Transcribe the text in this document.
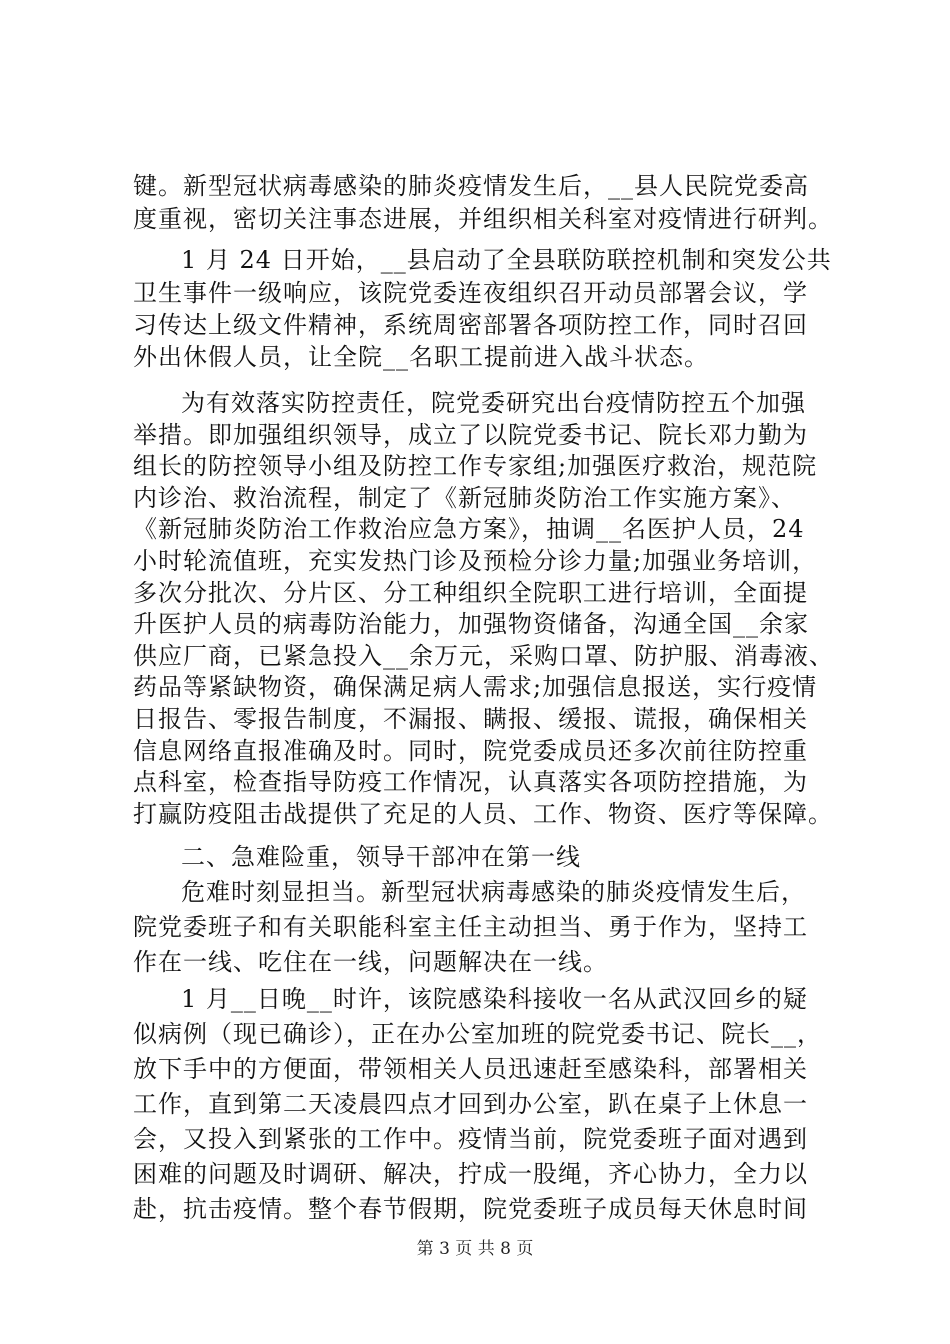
键。新型冠状病毒感染的肺炎疫情发生后，__县人民院党委高
度重视，密切关注事态进展，并组织相关科室对疫情进行研判。
1 月 24 日开始，__县启动了全县联防联控机制和突发公共
卫生事件一级响应，该院党委连夜组织召开动员部署会议，学
习传达上级文件精神，系统周密部署各项防控工作，同时召回
外出休假人员，让全院__名职工提前进入战斗状态。
为有效落实防控责任，院党委研究出台疫情防控五个加强
举措。即加强组织领导，成立了以院党委书记、院长邓力勤为
组长的防控领导小组及防控工作专家组;加强医疗救治，规范院
内诊治、救治流程，制定了《新冠肺炎防治工作实施方案》、
《新冠肺炎防治工作救治应急方案》，抽调__名医护人员，24
小时轮流值班，充实发热门诊及预检分诊力量;加强业务培训，
多次分批次、分片区、分工种组织全院职工进行培训，全面提
升医护人员的病毒防治能力，加强物资储备，沟通全国__余家
供应厂商，已紧急投入__余万元，采购口罩、防护服、消毒液、
药品等紧缺物资，确保满足病人需求;加强信息报送，实行疫情
日报告、零报告制度，不漏报、瞒报、缓报、谎报，确保相关
信息网络直报准确及时。同时，院党委成员还多次前往防控重
点科室，检查指导防疫工作情况，认真落实各项防控措施，为
打赢防疫阻击战提供了充足的人员、工作、物资、医疗等保障。
二、急难险重，领导干部冲在第一线
危难时刻显担当。新型冠状病毒感染的肺炎疫情发生后，
院党委班子和有关职能科室主任主动担当、勇于作为，坚持工
作在一线、吃住在一线，问题解决在一线。
1 月__日晚__时许，该院感染科接收一名从武汉回乡的疑
似病例（现已确诊），正在办公室加班的院党委书记、院长__，
放下手中的方便面，带领相关人员迅速赶至感染科，部署相关
工作，直到第二天凌晨四点才回到办公室，趴在桌子上休息一
会，又投入到紧张的工作中。疫情当前，院党委班子面对遇到
困难的问题及时调研、解决，拧成一股绳，齐心协力，全力以
赴，抗击疫情。整个春节假期，院党委班子成员每天休息时间
第 3 页 共 8 页
